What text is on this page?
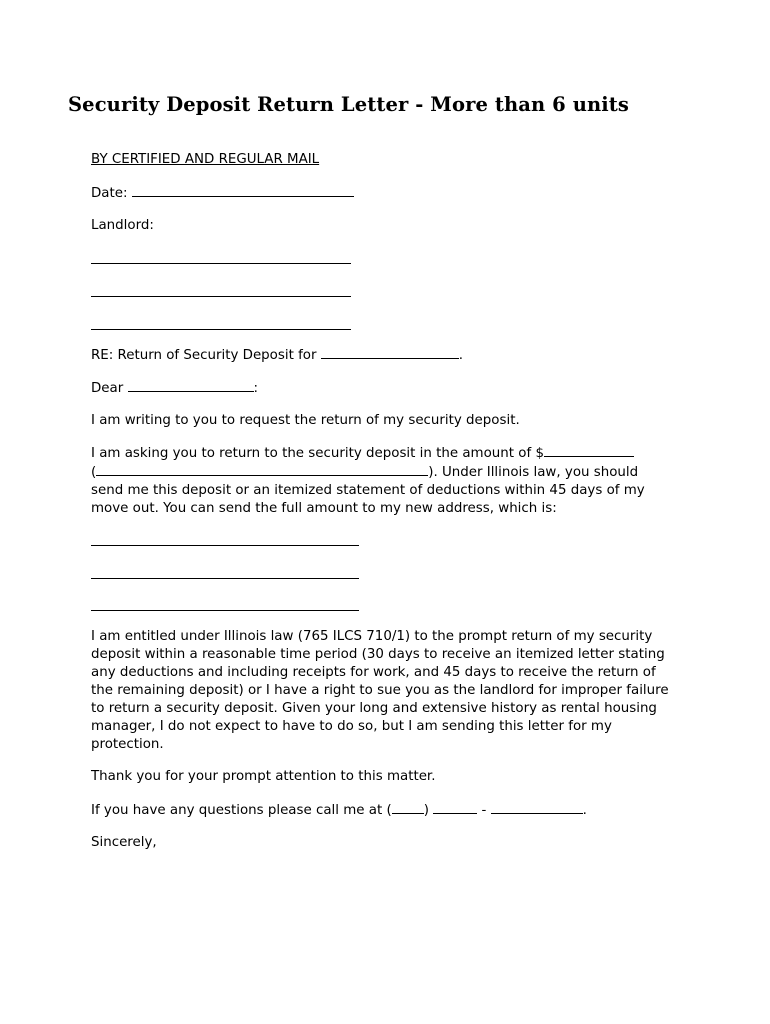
Security Deposit Return Letter - More than 6 units
BY CERTIFIED AND REGULAR MAIL
Date:
Landlord:
RE: Return of Security Deposit for	.
Dear	:
I am writing to you to request the return of my security deposit.
I am asking you to return to the security deposit in the amount of $
(	). Under Illinois law, you should
send me this deposit or an itemized statement of deductions within 45 days of my
move out. You can send the full amount to my new address, which is:
I am entitled under Illinois law (765 ILCS 710/1) to the prompt return of my security
deposit within a reasonable time period (30 days to receive an itemized letter stating
any deductions and including receipts for work, and 45 days to receive the return of
the remaining deposit) or I have a right to sue you as the landlord for improper failure
to return a security deposit. Given your long and extensive history as rental housing
manager, I do not expect to have to do so, but I am sending this letter for my
protection.
Thank you for your prompt attention to this matter.
If you have any questions please call me at ( )	-	.
Sincerely,
